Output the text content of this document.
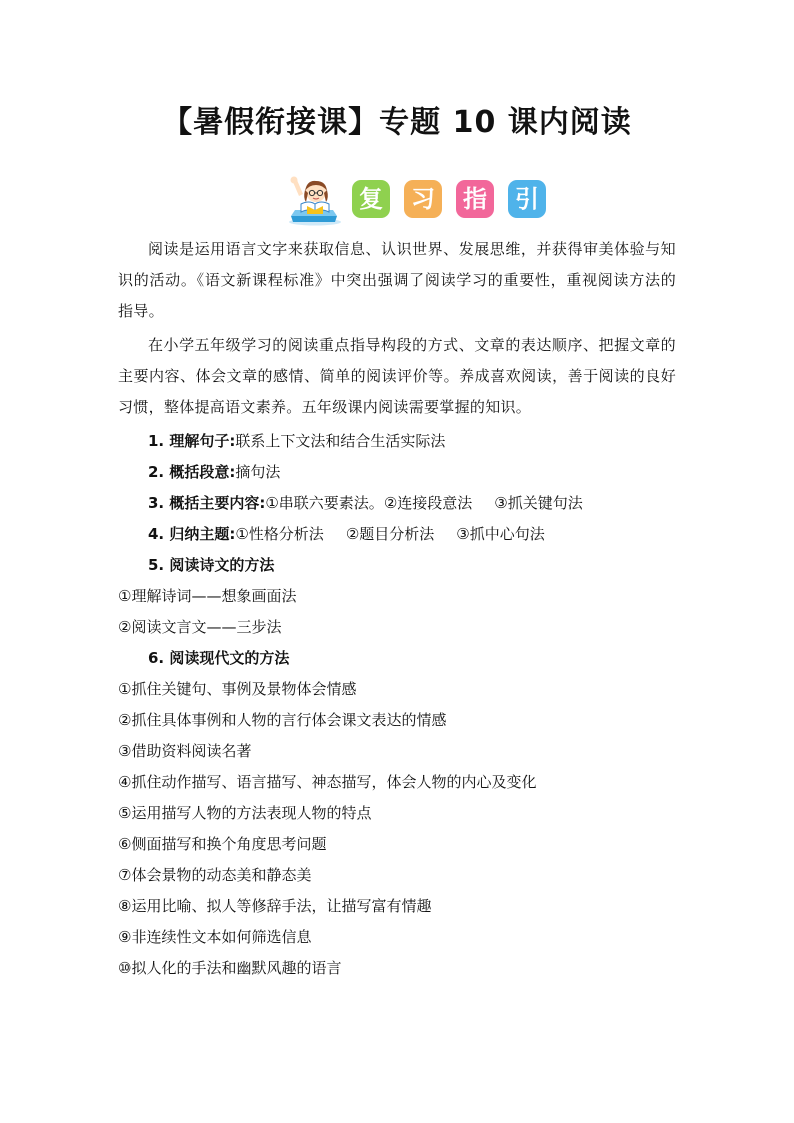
【暑假衔接课】专题 10 课内阅读
复 习 指 引

阅读是运用语言文字来获取信息、认识世界、发展思维，并获得审美体验与知识的活动。《语文新课程标准》中突出强调了阅读学习的重要性，重视阅读方法的指导。

在小学五年级学习的阅读重点指导构段的方式、文章的表达顺序、把握文章的主要内容、体会文章的感情、简单的阅读评价等。养成喜欢阅读，善于阅读的良好习惯，整体提高语文素养。五年级课内阅读需要掌握的知识。

1. 理解句子:联系上下文法和结合生活实际法
2. 概括段意:摘句法
3. 概括主要内容:①串联六要素法。②连接段意法 ③抓关键句法
4. 归纳主题:①性格分析法 ②题目分析法 ③抓中心句法
5. 阅读诗文的方法
①理解诗词——想象画面法
②阅读文言文——三步法
6. 阅读现代文的方法
①抓住关键句、事例及景物体会情感
②抓住具体事例和人物的言行体会课文表达的情感
③借助资料阅读名著
④抓住动作描写、语言描写、神态描写，体会人物的内心及变化
⑤运用描写人物的方法表现人物的特点
⑥侧面描写和换个角度思考问题
⑦体会景物的动态美和静态美
⑧运用比喻、拟人等修辞手法，让描写富有情趣
⑨非连续性文本如何筛选信息
⑩拟人化的手法和幽默风趣的语言
